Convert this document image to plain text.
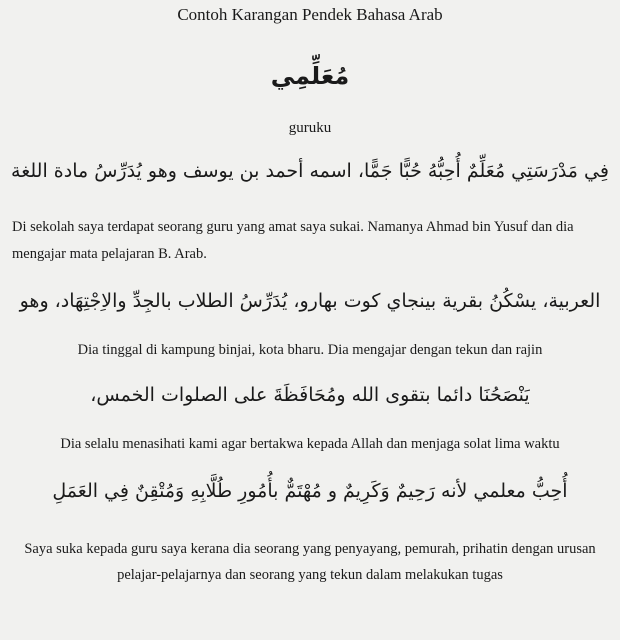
Contoh Karangan Pendek Bahasa Arab
مُعَلِّمِي
guruku
فِي مَدْرَسَتِي مُعَلِّمٌ أُحِبُّهُ حُبًّا جَمًّا، اسمه أحمد بن يوسف وهو يُدَرِّسُ مادة اللغة
Di sekolah saya terdapat seorang guru yang amat saya sukai. Namanya Ahmad bin Yusuf dan dia mengajar mata pelajaran B. Arab.
العربية، يسْكُنُ بقرية بينجاي كوت بهارو، يُدَرِّسُ الطلاب بالجِدِّ والاِجْتِهَاد، وهو
Dia tinggal di kampung binjai, kota bharu. Dia mengajar dengan tekun dan rajin
يَنْصَحُنَا دائما بتقوى الله ومُحَافَظَةَ على الصلوات الخمس،
Dia selalu menasihati kami agar bertakwa kepada Allah dan menjaga solat lima waktu
أُحِبُّ معلمي لأنه رَحِيمٌ وَكَرِيمٌ و مُهْتَمٌّ بأُمُورِ طُلَّابِهِ وَمُتْقِنٌ فِي العَمَلِ
Saya suka kepada guru saya kerana dia seorang yang penyayang, pemurah, prihatin dengan urusan pelajar-pelajarnya dan seorang yang tekun dalam melakukan tugas
